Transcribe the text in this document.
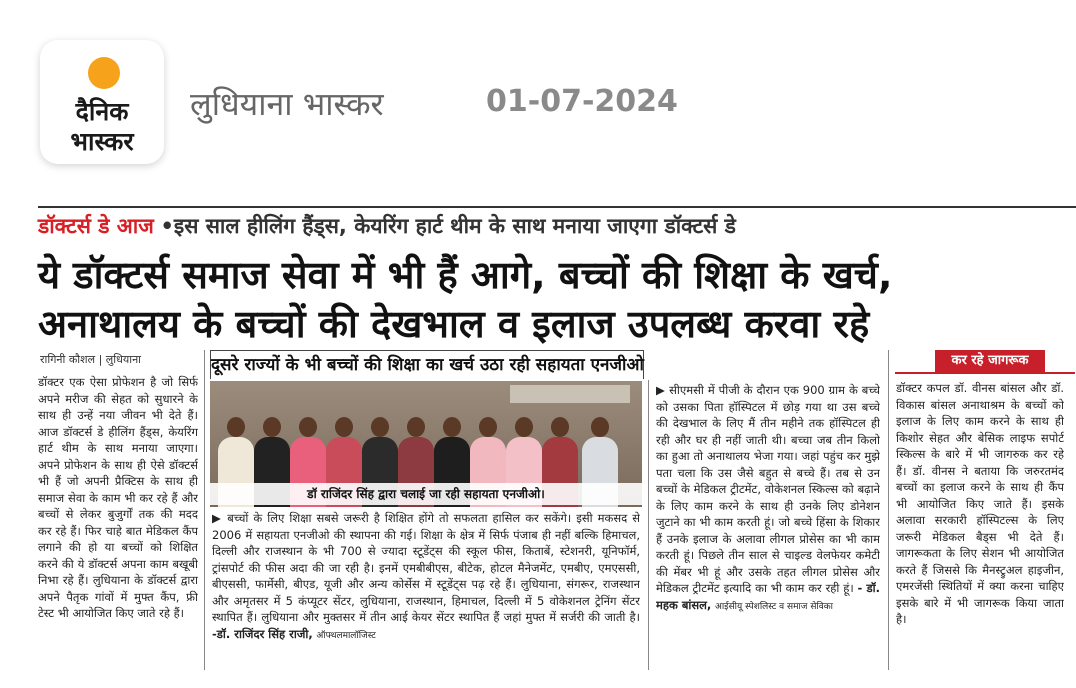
दैनिक
भास्कर
लुधियाना भास्कर	01-07-2024
डॉक्टर्स डे आज •इस साल हीलिंग हैंड्स, केयरिंग हार्ट थीम के साथ मनाया जाएगा डॉक्टर्स डे
ये डॉक्टर्स समाज सेवा में भी हैं आगे, बच्चों की शिक्षा के खर्च,
अनाथालय के बच्चों की देखभाल व इलाज उपलब्ध करवा रहे
रागिनी कौशल | लुधियाना
डॉक्टर एक ऐसा प्रोफेशन है जो सिर्फ अपने मरीज की सेहत को सुधारने के साथ ही उन्हें नया जीवन भी देते हैं। आज डॉक्टर्स डे हीलिंग हैंड्स, केयरिंग हार्ट थीम के साथ मनाया जाएगा। अपने प्रोफेशन के साथ ही ऐसे डॉक्टर्स भी हैं जो अपनी प्रैक्टिस के साथ ही समाज सेवा के काम भी कर रहे हैं और बच्चों से लेकर बुजुर्गों तक की मदद कर रहे हैं। फिर चाहे बात मेडिकल कैंप लगाने की हो या बच्चों को शिक्षित करने की ये डॉक्टर्स अपना काम बखूबी निभा रहे हैं। लुधियाना के डॉक्टर्स द्वारा अपने पैतृक गांवों में मुफ्त कैंप, फ्री टेस्ट भी आयोजित किए जाते रहे हैं।
दूसरे राज्यों के भी बच्चों की शिक्षा का खर्च उठा रही सहायता एनजीओ
डॉ राजिंदर सिंह द्वारा चलाई जा रही सहायता एनजीओ।
▶ बच्चों के लिए शिक्षा सबसे जरूरी है शिक्षित होंगे तो सफलता हासिल कर सकेंगे। इसी मकसद से 2006 में सहायता एनजीओ की स्थापना की गई। शिक्षा के क्षेत्र में सिर्फ पंजाब ही नहीं बल्कि हिमाचल, दिल्ली और राजस्थान के भी 700 से ज्यादा स्टूडेंट्स की स्कूल फीस, किताबें, स्टेशनरी, यूनिफॉर्म, ट्रांसपोर्ट की फीस अदा की जा रही है। इनमें एमबीबीएस, बीटेक, होटल मैनेजमेंट, एमबीए, एमएससी, बीएससी, फार्मेसी, बीएड, यूजी और अन्य कोर्सेस में स्टूडेंट्स पढ़ रहे हैं। लुधियाना, संगरूर, राजस्थान और अमृतसर में 5 कंप्यूटर सेंटर, लुधियाना, राजस्थान, हिमाचल, दिल्ली में 5 वोकेशनल ट्रेनिंग सेंटर स्थापित हैं। लुधियाना और मुक्तसर में तीन आई केयर सेंटर स्थापित हैं जहां मुफ्त में सर्जरी की जाती है। -डॉ. राजिंदर सिंह राजी, ऑफ्थलमालॉजिस्ट
▶ सीएमसी में पीजी के दौरान एक 900 ग्राम के बच्चे को उसका पिता हॉस्पिटल में छोड़ गया था उस बच्चे की देखभाल के लिए मैं तीन महीने तक हॉस्पिटल ही रही और घर ही नहीं जाती थी। बच्चा जब तीन किलो का हुआ तो अनाथालय भेजा गया। जहां पहुंच कर मुझे पता चला कि उस जैसे बहुत से बच्चे हैं। तब से उन बच्चों के मेडिकल ट्रीटमेंट, वोकेशनल स्किल्स को बढ़ाने के लिए काम करने के साथ ही उनके लिए डोनेशन जुटाने का भी काम करती हूं। जो बच्चे हिंसा के शिकार हैं उनके इलाज के अलावा लीगल प्रोसेस का भी काम करती हूं। पिछले तीन साल से चाइल्ड वेलफेयर कमेटी की मेंबर भी हूं और उसके तहत लीगल प्रोसेस और मेडिकल ट्रीटमेंट इत्यादि का भी काम कर रही हूं। - डॉ. महक बांसल, आईसीयू स्पेशलिस्ट व समाज सेविका
कर रहे जागरूक
डॉक्टर कपल डॉ. वीनस बांसल और डॉ. विकास बांसल अनाथाश्रम के बच्चों को इलाज के लिए काम करने के साथ ही किशोर सेहत और बेसिक लाइफ सपोर्ट स्किल्स के बारे में भी जागरुक कर रहे हैं। डॉ. वीनस ने बताया कि जरुरतमंद बच्चों का इलाज करने के साथ ही कैंप भी आयोजित किए जाते हैं। इसके अलावा सरकारी हॉस्पिटल्स के लिए जरूरी मेडिकल बैड्स भी देते हैं। जागरूकता के लिए सेशन भी आयोजित करते हैं जिससे कि मैनस्ट्रुअल हाइजीन, एमरजेंसी स्थितियों में क्या करना चाहिए इसके बारे में भी जागरूक किया जाता है।
